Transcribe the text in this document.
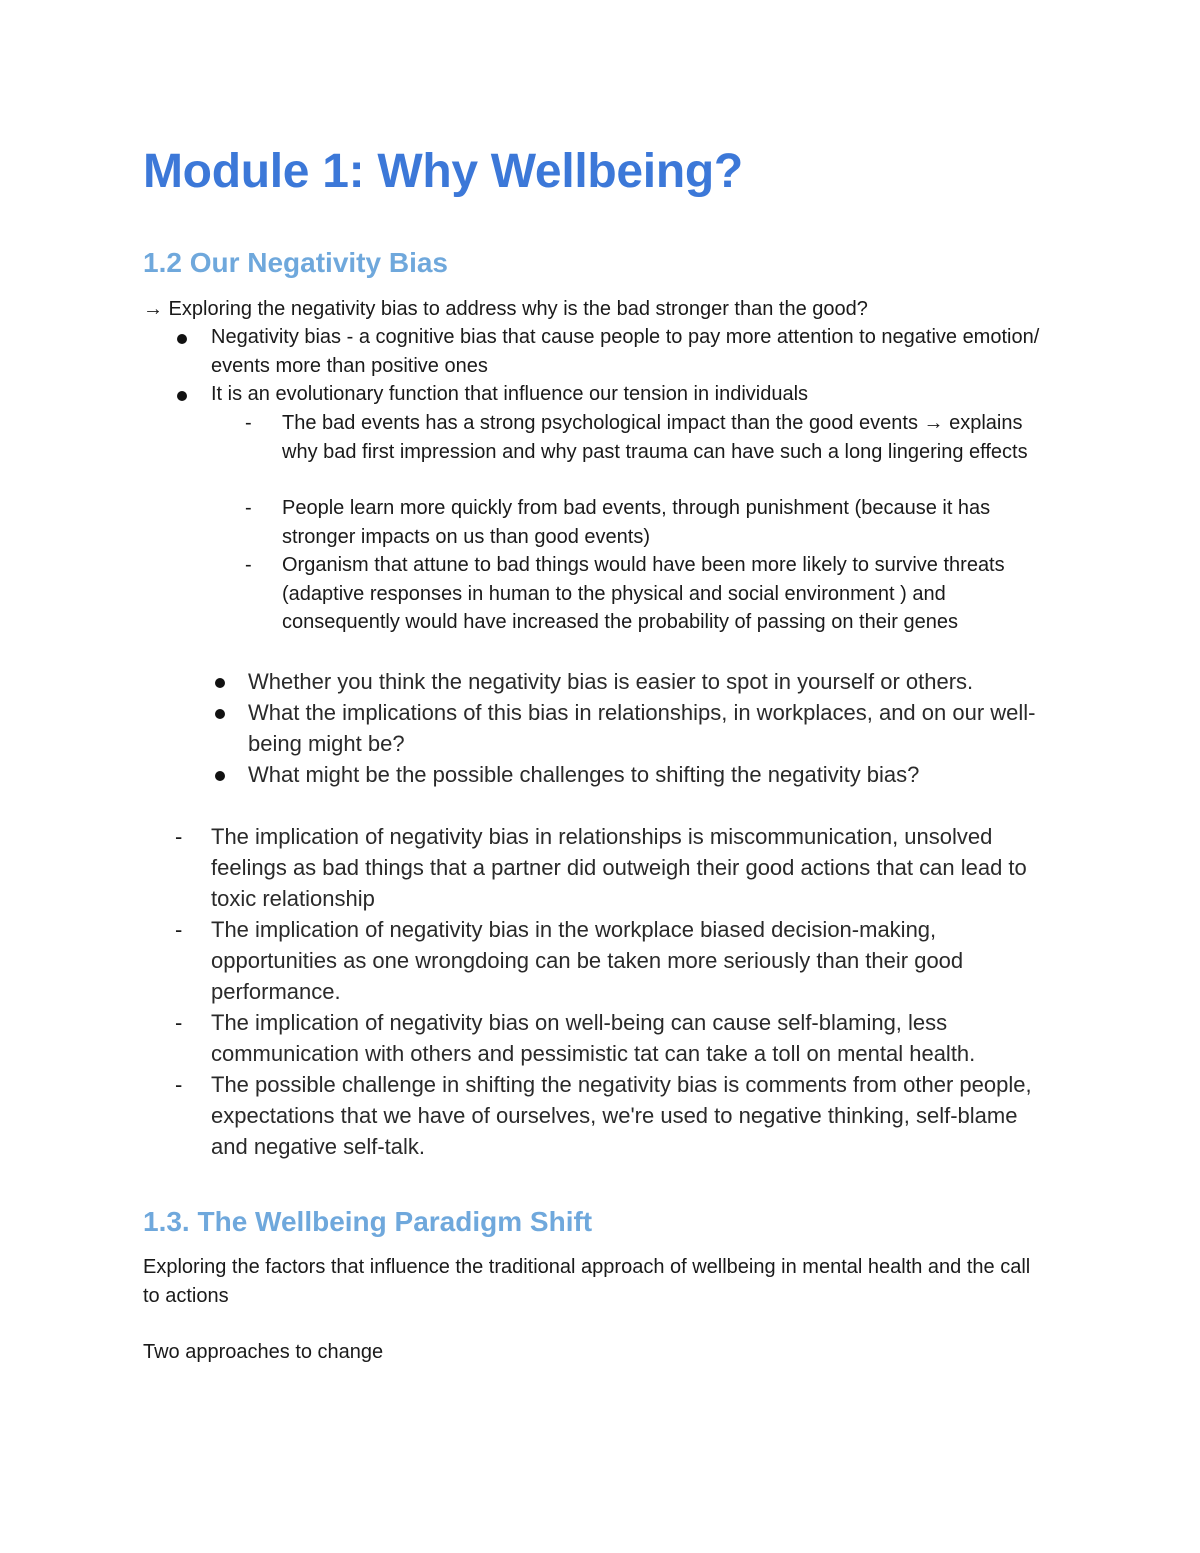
Module 1: Why Wellbeing?
1.2 Our Negativity Bias

→ Exploring the negativity bias to address why is the bad stronger than the good?

Negativity bias - a cognitive bias that cause people to pay more attention to negative emotion/ events more than positive ones

It is an evolutionary function that influence our tension in individuals

- The bad events has a strong psychological impact than the good events → explains why bad first impression and why past trauma can have such a long lingering effects

- People learn more quickly from bad events, through punishment (because it has stronger impacts on us than good events)

- Organism that attune to bad things would have been more likely to survive threats (adaptive responses in human to the physical and social environment ) and consequently would have increased the probability of passing on their genes

Whether you think the negativity bias is easier to spot in yourself or others.

What the implications of this bias in relationships, in workplaces, and on our well-being might be?

What might be the possible challenges to shifting the negativity bias?

- The implication of negativity bias in relationships is miscommunication, unsolved feelings as bad things that a partner did outweigh their good actions that can lead to toxic relationship

- The implication of negativity bias in the workplace biased decision-making, opportunities as one wrongdoing can be taken more seriously than their good performance.

- The implication of negativity bias on well-being can cause self-blaming, less communication with others and pessimistic tat can take a toll on mental health.

- The possible challenge in shifting the negativity bias is comments from other people, expectations that we have of ourselves, we're used to negative thinking, self-blame and negative self-talk.

1.3. The Wellbeing Paradigm Shift

Exploring the factors that influence the traditional approach of wellbeing in mental health and the call to actions

Two approaches to change
